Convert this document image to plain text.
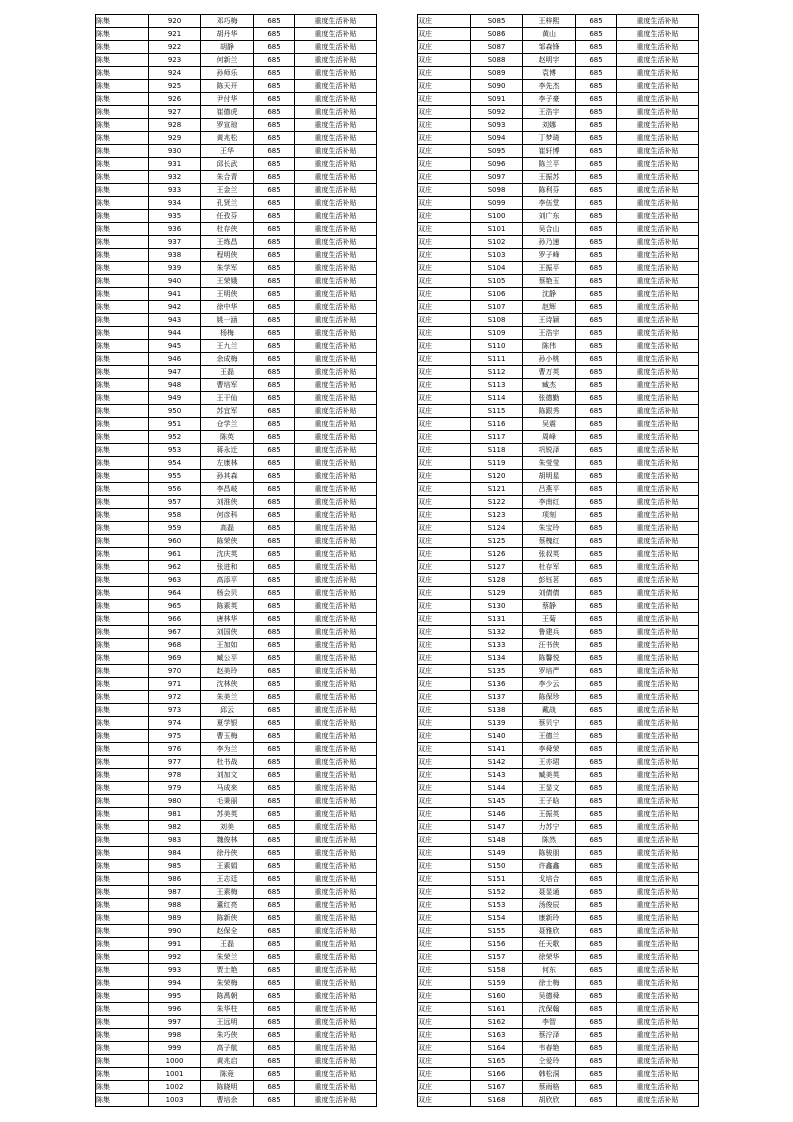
陈集	920	邓巧梅	685	重度生活补贴
陈集	921	胡丹华	685	重度生活补贴
陈集	922	胡静	685	重度生活补贴
陈集	923	何新兰	685	重度生活补贴
陈集	924	孙师乐	685	重度生活补贴
陈集	925	陈天开	685	重度生活补贴
陈集	926	尹付华	685	重度生活补贴
陈集	927	崔德虎	685	重度生活补贴
陈集	928	罗宣琼	685	重度生活补贴
陈集	929	黄兆松	685	重度生活补贴
陈集	930	王华	685	重度生活补贴
陈集	931	邱长武	685	重度生活补贴
陈集	932	朱合青	685	重度生活补贴
陈集	933	王金兰	685	重度生活补贴
陈集	934	孔贤兰	685	重度生活补贴
陈集	935	任孜芬	685	重度生活补贴
陈集	936	杜存侠	685	重度生活补贴
陈集	937	王炼昌	685	重度生活补贴
陈集	938	程明侠	685	重度生活补贴
陈集	939	朱学军	685	重度生活补贴
陈集	940	王荣娥	685	重度生活补贴
陈集	941	王明侠	685	重度生活补贴
陈集	942	徐中华	685	重度生活补贴
陈集	943	姚一涵	685	重度生活补贴
陈集	944	杨梅	685	重度生活补贴
陈集	945	王九兰	685	重度生活补贴
陈集	946	余成梅	685	重度生活补贴
陈集	947	王磊	685	重度生活补贴
陈集	948	曹培军	685	重度生活补贴
陈集	949	王干仙	685	重度生活补贴
陈集	950	苏宜军	685	重度生活补贴
陈集	951	仓学兰	685	重度生活补贴
陈集	952	陈英	685	重度生活补贴
陈集	953	蒋永迁	685	重度生活补贴
陈集	954	左康林	685	重度生活补贴
陈集	955	孙其森	685	重度生活补贴
陈集	956	李昌岐	685	重度生活补贴
陈集	957	刘淮侠	685	重度生活补贴
陈集	958	何彦科	685	重度生活补贴
陈集	959	高磊	685	重度生活补贴
陈集	960	陈荣侠	685	重度生活补贴
陈集	961	沈庆英	685	重度生活补贴
陈集	962	张进和	685	重度生活补贴
陈集	963	高添平	685	重度生活补贴
陈集	964	杨会贝	685	重度生活补贴
陈集	965	陈素英	685	重度生活补贴
陈集	966	唐林华	685	重度生活补贴
陈集	967	刘国侠	685	重度生活补贴
陈集	968	王加如	685	重度生活补贴
陈集	969	臧公平	685	重度生活补贴
陈集	970	赵美玲	685	重度生活补贴
陈集	971	沈林侠	685	重度生活补贴
陈集	972	朱美兰	685	重度生活补贴
陈集	973	邱云	685	重度生活补贴
陈集	974	夏学银	685	重度生活补贴
陈集	975	曹玉梅	685	重度生活补贴
陈集	976	李为兰	685	重度生活补贴
陈集	977	杜书战	685	重度生活补贴
陈集	978	刘加文	685	重度生活补贴
陈集	979	马成来	685	重度生活补贴
陈集	980	毛秉丽	685	重度生活补贴
陈集	981	苏美英	685	重度生活补贴
陈集	982	刘美	685	重度生活补贴
陈集	983	魏俊林	685	重度生活补贴
陈集	984	徐丹侠	685	重度生活补贴
陈集	985	王素娟	685	重度生活补贴
陈集	986	王志廷	685	重度生活补贴
陈集	987	王素梅	685	重度生活补贴
陈集	988	董红亮	685	重度生活补贴
陈集	989	陈新侠	685	重度生活补贴
陈集	990	赵保全	685	重度生活补贴
陈集	991	王磊	685	重度生活补贴
陈集	992	朱荣兰	685	重度生活补贴
陈集	993	贾士艳	685	重度生活补贴
陈集	994	朱荣梅	685	重度生活补贴
陈集	995	陈禹朝	685	重度生活补贴
陈集	996	朱华柱	685	重度生活补贴
陈集	997	王远明	685	重度生活补贴
陈集	998	朱巧侠	685	重度生活补贴
陈集	999	高子航	685	重度生活补贴
陈集	1000	黄兆启	685	重度生活补贴
陈集	1001	陈竟	685	重度生活补贴
陈集	1002	陈晓明	685	重度生活补贴
陈集	1003	曹培余	685	重度生活补贴
双庄	S085	王梓熙	685	重度生活补贴
双庄	S086	黄山	685	重度生活补贴
双庄	S087	邹森锋	685	重度生活补贴
双庄	S088	赵明宇	685	重度生活补贴
双庄	S089	袁博	685	重度生活补贴
双庄	S090	李先杰	685	重度生活补贴
双庄	S091	李子豪	685	重度生活补贴
双庄	S092	王浩宇	685	重度生活补贴
双庄	S093	刘娜	685	重度生活补贴
双庄	S094	丁梦琦	685	重度生活补贴
双庄	S095	崔轩博	685	重度生活补贴
双庄	S096	陈兰平	685	重度生活补贴
双庄	S097	王振苏	685	重度生活补贴
双庄	S098	陈利芬	685	重度生活补贴
双庄	S099	李伍堂	685	重度生活补贴
双庄	S100	刘广东	685	重度生活补贴
双庄	S101	吴合山	685	重度生活补贴
双庄	S102	孙乃速	685	重度生活补贴
双庄	S103	罗子峰	685	重度生活补贴
双庄	S104	王振平	685	重度生活补贴
双庄	S105	蔡艳玉	685	重度生活补贴
双庄	S106	沈静	685	重度生活补贴
双庄	S107	赵辉	685	重度生活补贴
双庄	S108	王诗颖	685	重度生活补贴
双庄	S109	王浩宇	685	重度生活补贴
双庄	S110	陈伟	685	重度生活补贴
双庄	S111	孙小桃	685	重度生活补贴
双庄	S112	曹万英	685	重度生活补贴
双庄	S113	臧杰	685	重度生活补贴
双庄	S114	张德勤	685	重度生活补贴
双庄	S115	陈跟秀	685	重度生活补贴
双庄	S116	吴震	685	重度生活补贴
双庄	S117	周峰	685	重度生活补贴
双庄	S118	巩锐泽	685	重度生活补贴
双庄	S119	朱莹莹	685	重度生活补贴
双庄	S120	胡明星	685	重度生活补贴
双庄	S121	吕燕平	685	重度生活补贴
双庄	S122	李南红	685	重度生活补贴
双庄	S123	项刻	685	重度生活补贴
双庄	S124	朱宝玲	685	重度生活补贴
双庄	S125	蔡槐红	685	重度生活补贴
双庄	S126	张叔英	685	重度生活补贴
双庄	S127	杜存军	685	重度生活补贴
双庄	S128	彭钰茗	685	重度生活补贴
双庄	S129	刘倩倩	685	重度生活补贴
双庄	S130	蔡静	685	重度生活补贴
双庄	S131	王菊	685	重度生活补贴
双庄	S132	鲁建兵	685	重度生活补贴
双庄	S133	汪书侠	685	重度生活补贴
双庄	S134	陈馨悦	685	重度生活补贴
双庄	S135	罗培严	685	重度生活补贴
双庄	S136	李少云	685	重度生活补贴
双庄	S137	陈保珍	685	重度生活补贴
双庄	S138	戴战	685	重度生活补贴
双庄	S139	蔡贝宁	685	重度生活补贴
双庄	S140	王德兰	685	重度生活补贴
双庄	S141	李舜荣	685	重度生活补贴
双庄	S142	王亦珺	685	重度生活补贴
双庄	S143	臧美英	685	重度生活补贴
双庄	S144	王显文	685	重度生活补贴
双庄	S145	王子晗	685	重度生活补贴
双庄	S146	王振英	685	重度生活补贴
双庄	S147	力苏宁	685	重度生活补贴
双庄	S148	陈然	685	重度生活补贴
双庄	S149	陈骏朋	685	重度生活补贴
双庄	S150	许鑫鑫	685	重度生活补贴
双庄	S151	戈培合	685	重度生活补贴
双庄	S152	聂显通	685	重度生活补贴
双庄	S153	汤俊辰	685	重度生活补贴
双庄	S154	康新玲	685	重度生活补贴
双庄	S155	聂雅欣	685	重度生活补贴
双庄	S156	任天歌	685	重度生活补贴
双庄	S157	徐荣华	685	重度生活补贴
双庄	S158	何东	685	重度生活补贴
双庄	S159	徐士梅	685	重度生活补贴
双庄	S160	吴德舜	685	重度生活补贴
双庄	S161	沈保翰	685	重度生活补贴
双庄	S162	李智	685	重度生活补贴
双庄	S163	蔡泞泽	685	重度生活补贴
双庄	S164	韦春艳	685	重度生活补贴
双庄	S165	仝爱玲	685	重度生活补贴
双庄	S166	韩松洞	685	重度生活补贴
双庄	S167	蔡雨格	685	重度生活补贴
双庄	S168	胡欣欣	685	重度生活补贴
